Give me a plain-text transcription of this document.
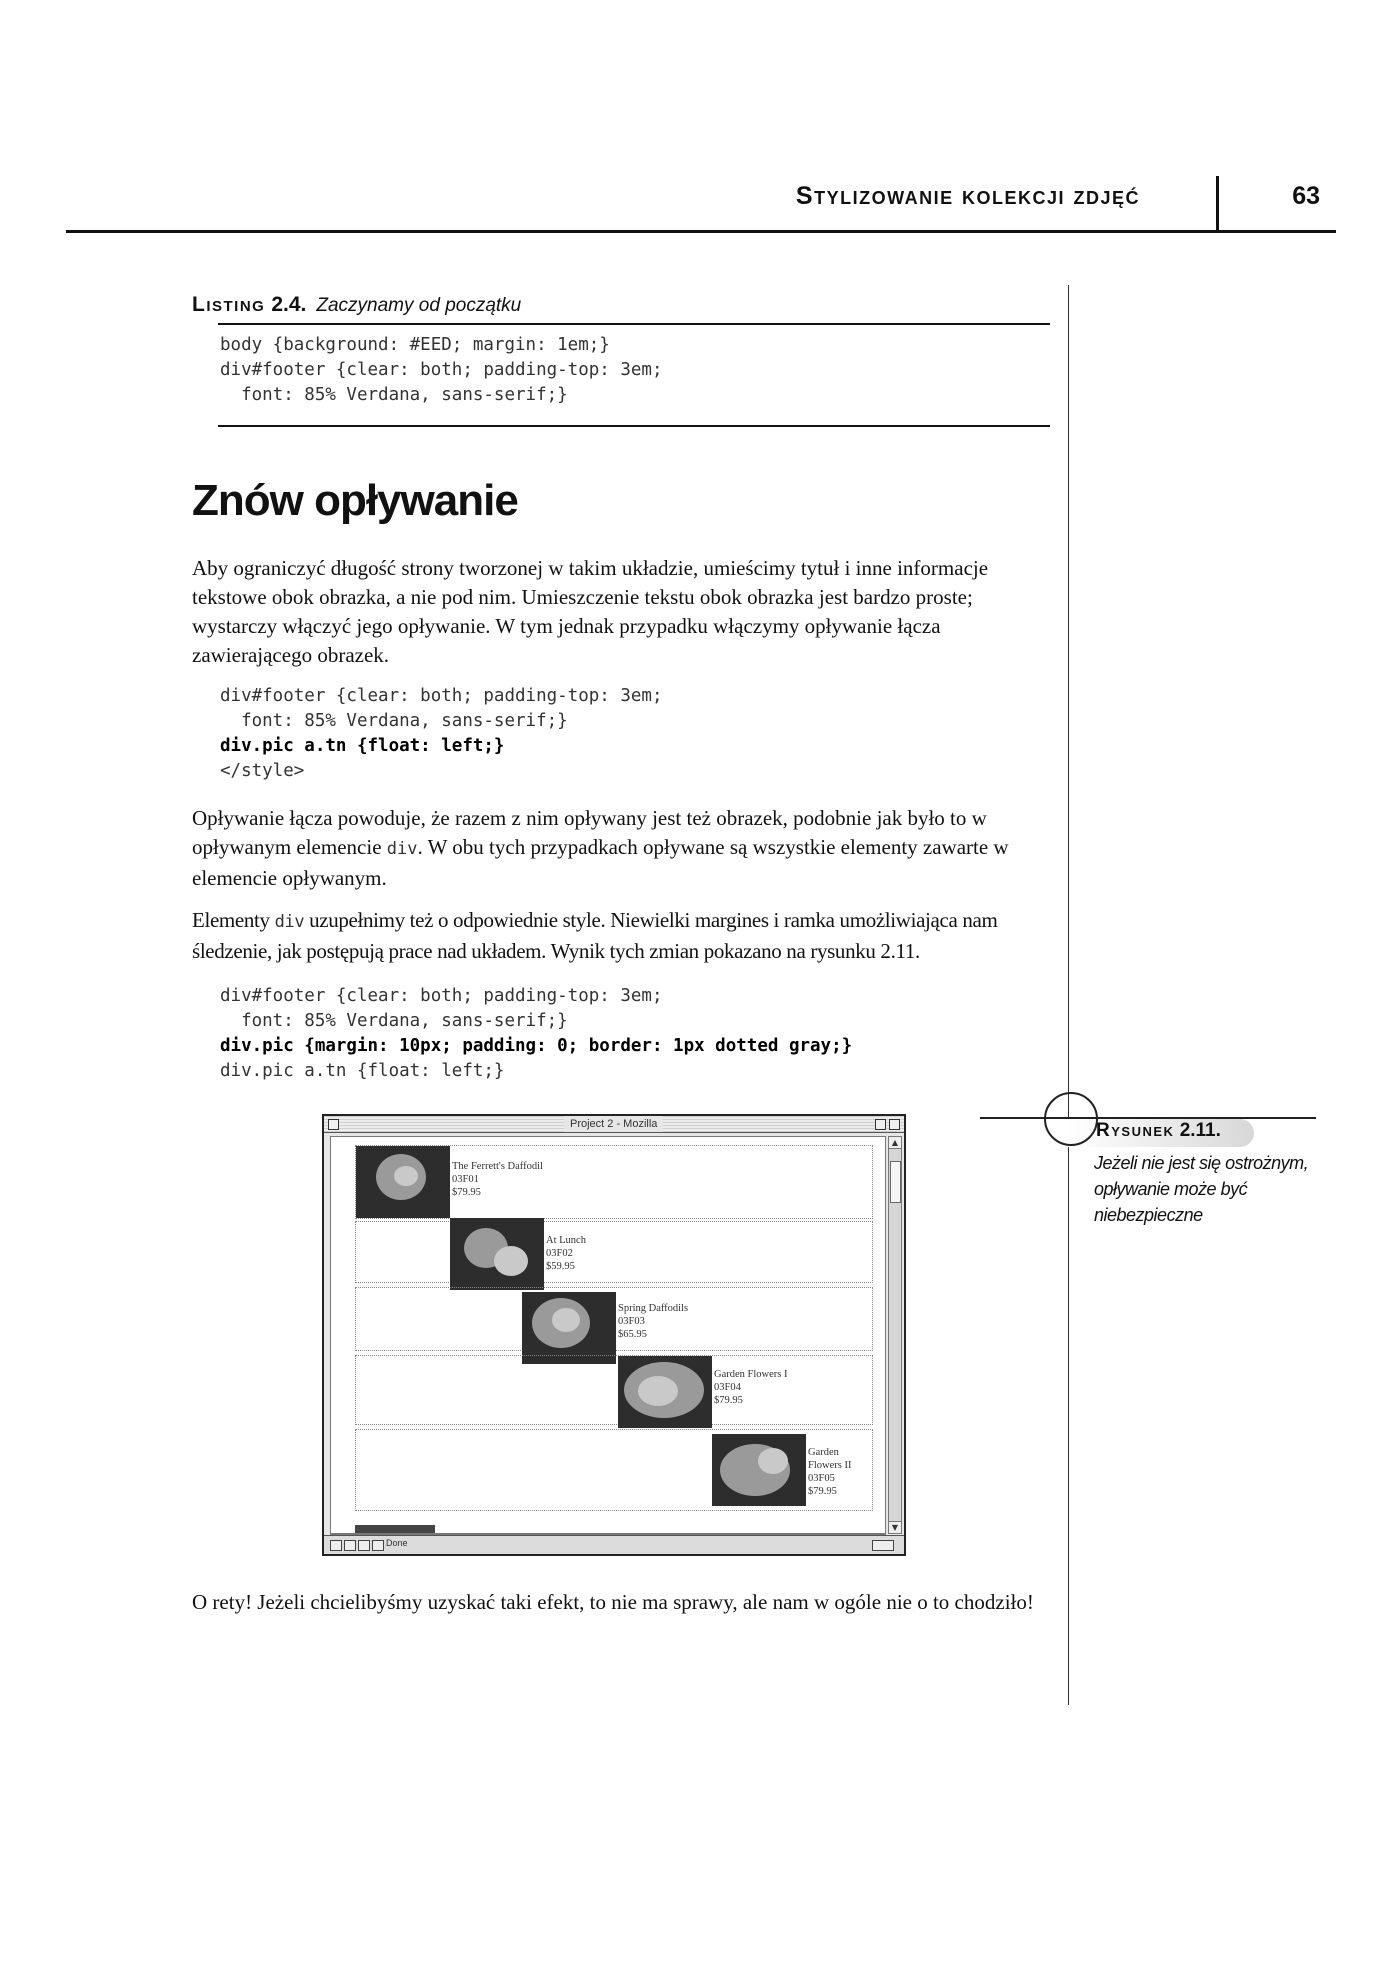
Stylizowanie kolekcji zdjęć	63
Listing 2.4. Zaczynamy od początku
body {background: #EED; margin: 1em;}
div#footer {clear: both; padding-top: 3em;
font: 85% Verdana, sans-serif;}
Znów opływanie

Aby ograniczyć długość strony tworzonej w takim układzie, umieścimy tytuł i inne informacje tekstowe obok obrazka, a nie pod nim. Umieszczenie tekstu obok obrazka jest bardzo proste; wystarczy włączyć jego opływanie. W tym jednak przypadku włączymy opływanie łącza zawierającego obrazek.

div#footer {clear: both; padding-top: 3em;
font: 85% Verdana, sans-serif;}
div.pic a.tn {float: left;}
</style>

Opływanie łącza powoduje, że razem z nim opływany jest też obrazek, podobnie jak było to w opływanym elemencie div. W obu tych przypadkach opływane są wszystkie elementy zawarte w elemencie opływanym.

Elementy div uzupełnimy też o odpowiednie style. Niewielki margines i ramka umożliwiająca nam śledzenie, jak postępują prace nad układem. Wynik tych zmian pokazano na rysunku 2.11.

div#footer {clear: both; padding-top: 3em;
font: 85% Verdana, sans-serif;}
div.pic {margin: 10px; padding: 0; border: 1px dotted gray;}
div.pic a.tn {float: left;}
Rysunek 2.11.
Jeżeli nie jest się ostrożnym, opływanie może być niebezpieczne
Project 2 - Mozilla
The Ferrett's Daffodil
03F01
$79.95
At Lunch
03F02
$59.95
Spring Daffodils
03F03
$65.95
Garden Flowers I
03F04
$79.95
Garden Flowers II
03F05
$79.95
▲
▼
Done

O rety! Jeżeli chcielibyśmy uzyskać taki efekt, to nie ma sprawy, ale nam w ogóle nie o to chodziło!
